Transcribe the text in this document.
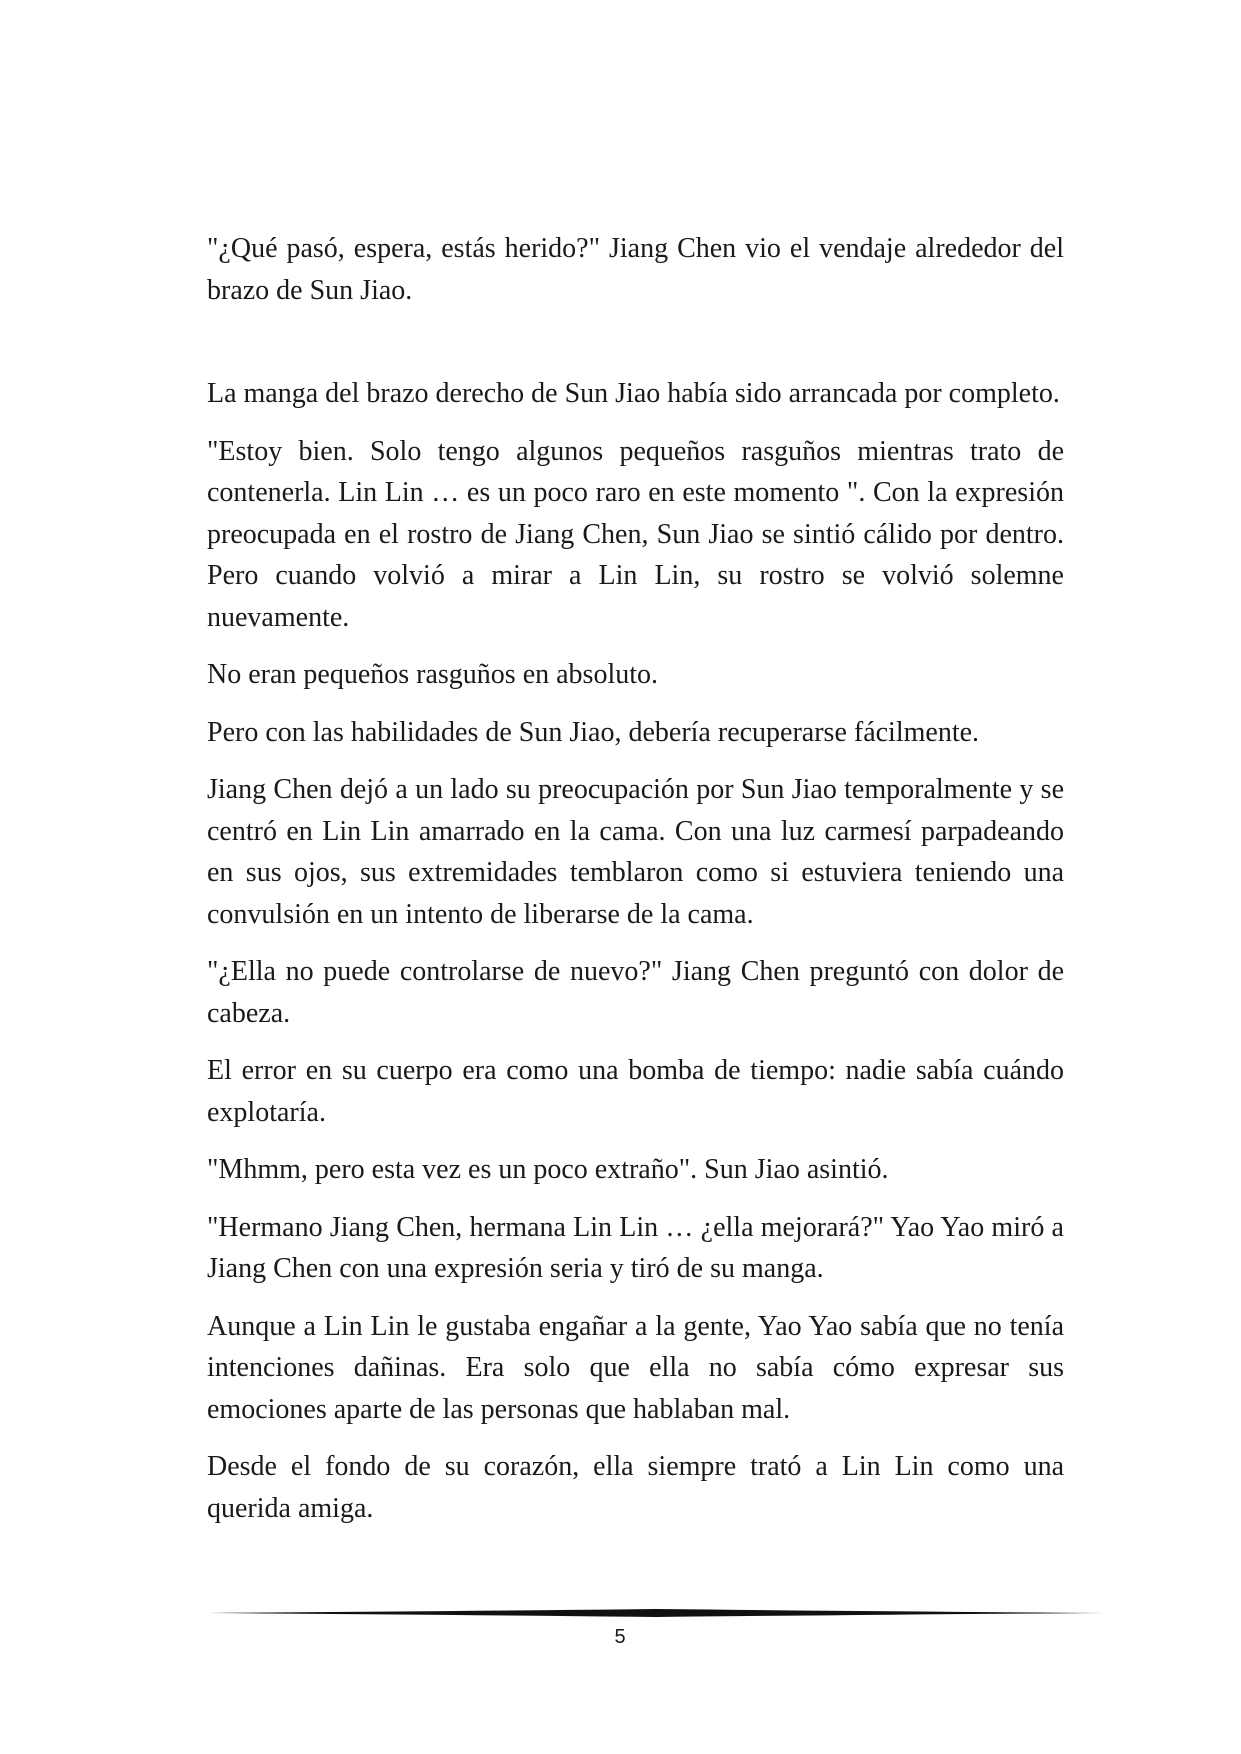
"¿Qué pasó, espera, estás herido?" Jiang Chen vio el vendaje alrededor del brazo de Sun Jiao.

La manga del brazo derecho de Sun Jiao había sido arrancada por completo.

"Estoy bien. Solo tengo algunos pequeños rasguños mientras trato de contenerla. Lin Lin … es un poco raro en este momento ". Con la expresión preocupada en el rostro de Jiang Chen, Sun Jiao se sintió cálido por dentro. Pero cuando volvió a mirar a Lin Lin, su rostro se volvió solemne nuevamente.

No eran pequeños rasguños en absoluto.

Pero con las habilidades de Sun Jiao, debería recuperarse fácilmente.

Jiang Chen dejó a un lado su preocupación por Sun Jiao temporalmente y se centró en Lin Lin amarrado en la cama. Con una luz carmesí parpadeando en sus ojos, sus extremidades temblaron como si estuviera teniendo una convulsión en un intento de liberarse de la cama.

"¿Ella no puede controlarse de nuevo?" Jiang Chen preguntó con dolor de cabeza.

El error en su cuerpo era como una bomba de tiempo: nadie sabía cuándo explotaría.

"Mhmm, pero esta vez es un poco extraño". Sun Jiao asintió.

"Hermano Jiang Chen, hermana Lin Lin … ¿ella mejorará?" Yao Yao miró a Jiang Chen con una expresión seria y tiró de su manga.

Aunque a Lin Lin le gustaba engañar a la gente, Yao Yao sabía que no tenía intenciones dañinas. Era solo que ella no sabía cómo expresar sus emociones aparte de las personas que hablaban mal.

Desde el fondo de su corazón, ella siempre trató a Lin Lin como una querida amiga.

5
